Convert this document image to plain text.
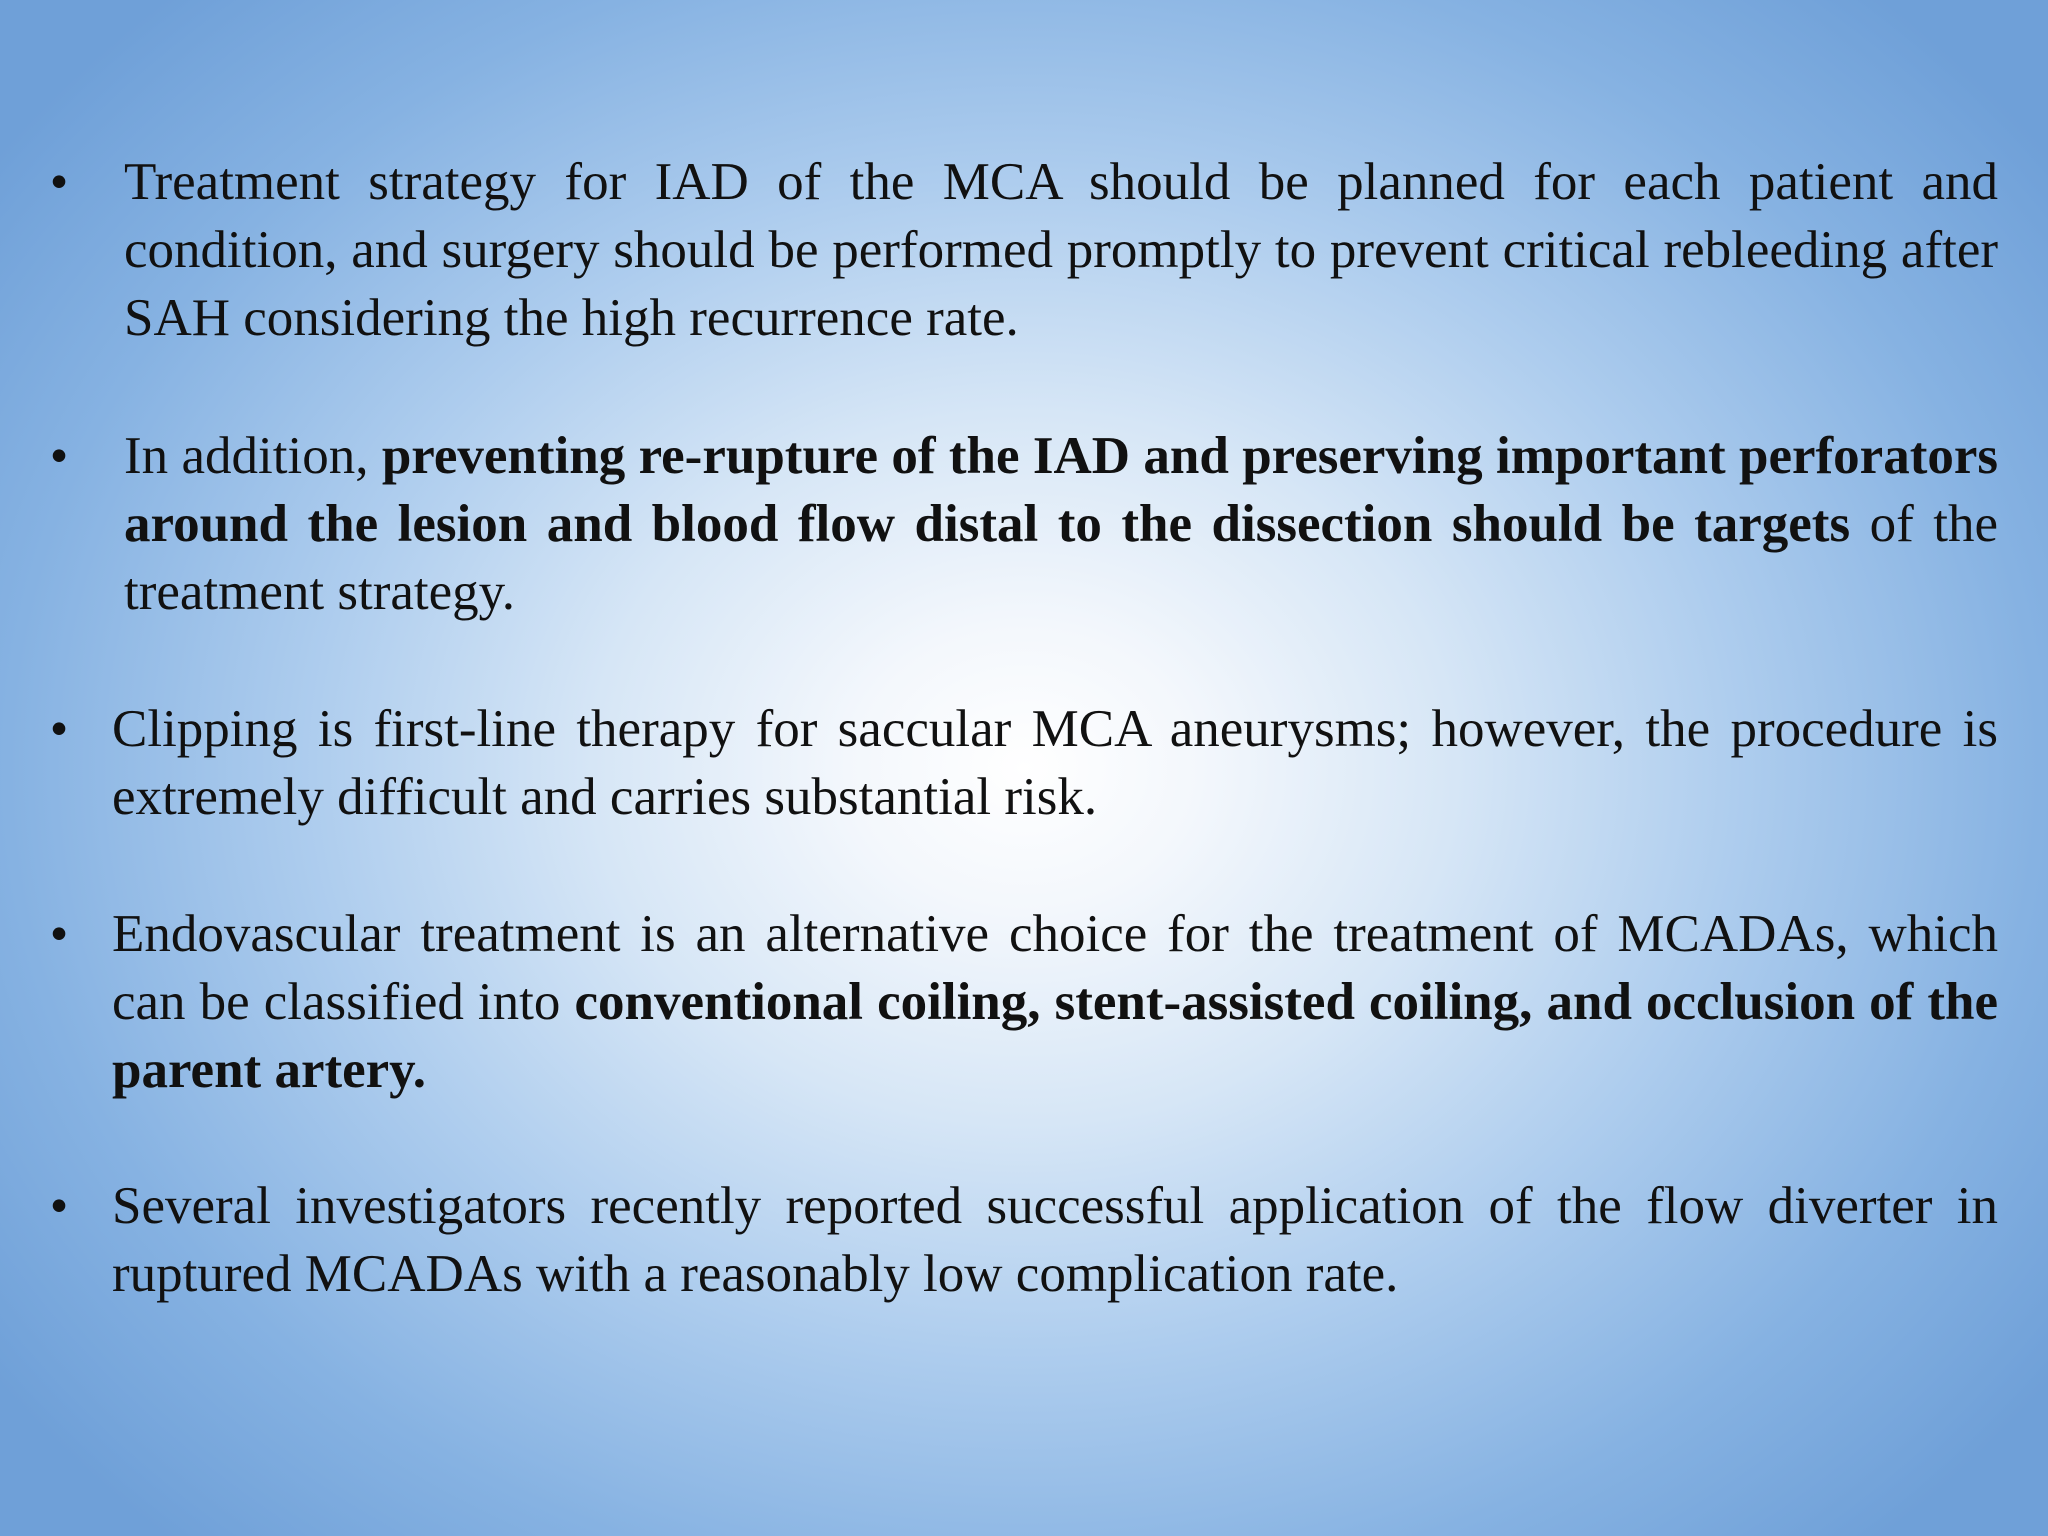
• Treatment strategy for IAD of the MCA should be planned for each patient and condition, and surgery should be performed promptly to prevent critical rebleeding after SAH considering the high recurrence rate.
• In addition, preventing re-rupture of the IAD and preserving important perforators around the lesion and blood flow distal to the dissection should be targets of the treatment strategy.
• Clipping is first-line therapy for saccular MCA aneurysms; however, the procedure is extremely difficult and carries substantial risk.
• Endovascular treatment is an alternative choice for the treatment of MCADAs, which can be classified into conventional coiling, stent-assisted coiling, and occlusion of the parent artery.
• Several investigators recently reported successful application of the flow diverter in ruptured MCADAs with a reasonably low complication rate.
